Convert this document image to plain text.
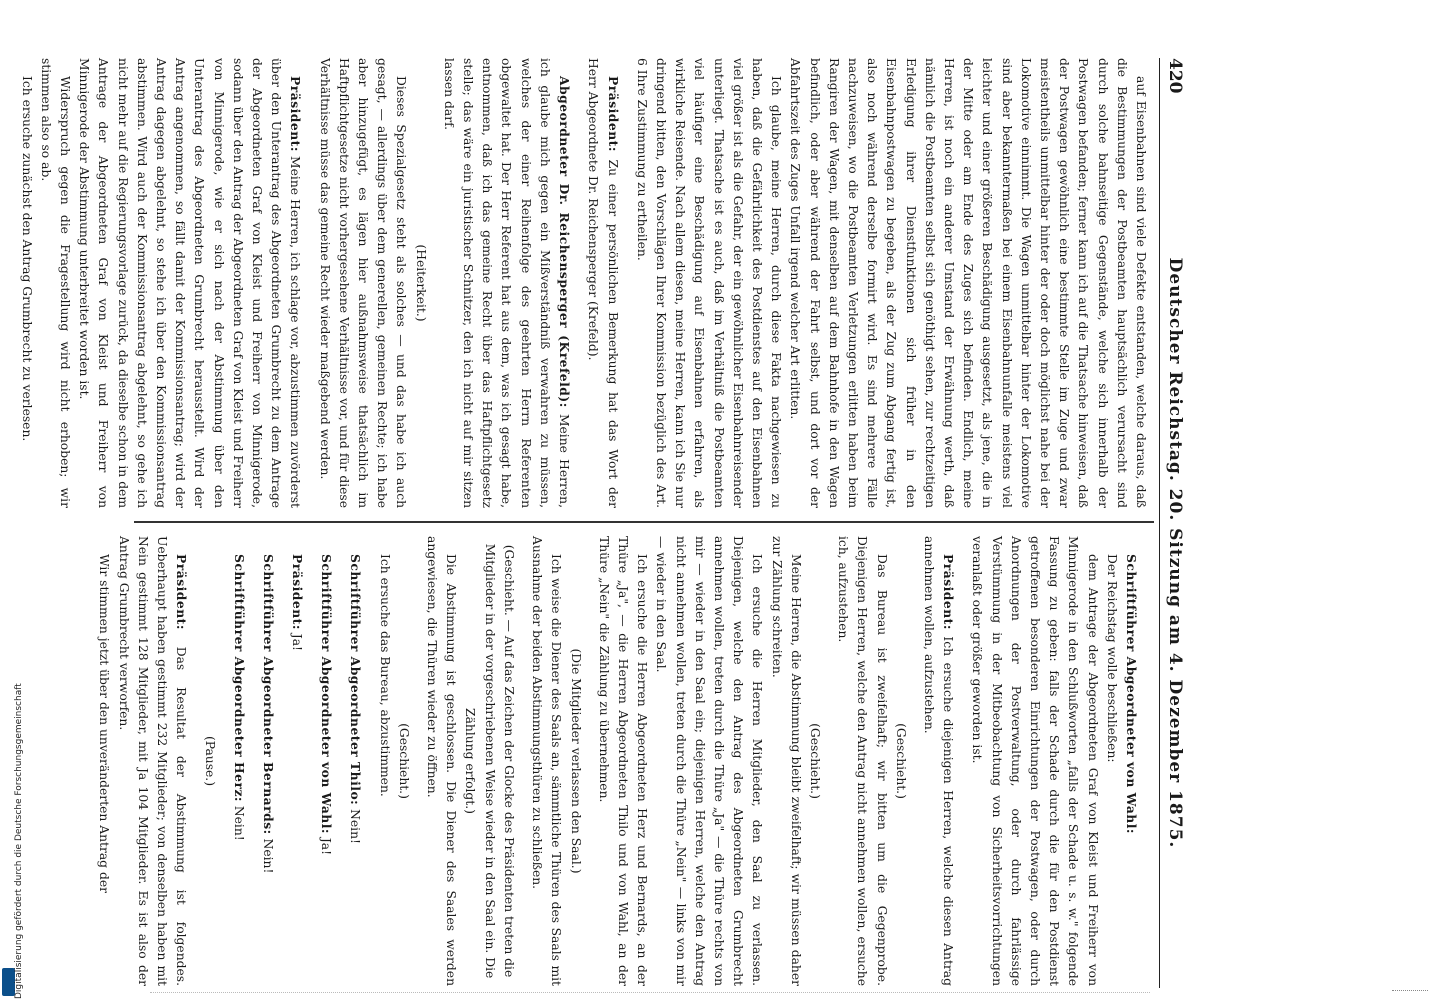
420
Deutscher Reichstag. 20. Sitzung am 4. Dezember 1875.

auf Eisenbahnen sind viele Defekte entstanden, welche daraus, daß die Bestimmungen der Postbeamten hauptsächlich verursacht sind durch solche bahnseitige Gegenstände, welche sich innerhalb der Postwagen befanden; ferner kann ich auf die Thatsache hinweisen, daß der Postwagen gewöhnlich eine bestimmte Stelle im Zuge und zwar meistentheils unmittelbar hinter der oder doch möglichst nahe bei der Lokomotive einnimmt. Die Wagen unmittelbar hinter der Lokomotive sind aber bekanntermaßen bei einem Eisenbahnunfalle meistens viel leichter und einer größeren Beschädigung ausgesetzt, als jene, die in der Mitte oder am Ende des Zuges sich befinden. Endlich, meine Herren, ist noch ein anderer Umstand der Erwähnung werth, daß nämlich die Postbeamten selbst sich genöthigt sehen, zur rechtzeitigen Erledigung ihrer Dienstfunktionen sich früher in den Eisenbahnpostwagen zu begeben, als der Zug zum Abgang fertig ist, also noch während derselbe formirt wird. Es sind mehrere Fälle nachzuweisen, wo die Postbeamten Verletzungen erlitten haben beim Rangiren der Wagen, mit denselben auf dem Bahnhofe in den Wagen befindlich, oder aber während der Fahrt selbst, und dort vor der Abfahrtszeit des Zuges Unfall irgend welcher Art erlitten.

Ich glaube, meine Herren, durch diese Fakta nachgewiesen zu haben, daß die Gefährlichkeit des Postdienstes auf den Eisenbahnen viel größer ist als die Gefahr, der ein gewöhnlicher Eisenbahnreisender unterliegt. Thatsache ist es auch, daß im Verhältniß die Postbeamten viel häufiger eine Beschädigung auf Eisenbahnen erfahren, als wirkliche Reisende. Nach allem diesen, meine Herren, kann ich Sie nur dringend bitten, den Vorschlägen Ihrer Kommission bezüglich des Art. 6 Ihre Zustimmung zu ertheilen.

Präsident: Zu einer persönlichen Bemerkung hat das Wort der Herr Abgeordnete Dr. Reichensperger (Krefeld).

Abgeordneter Dr. Reichensperger (Krefeld): Meine Herren, ich glaube mich gegen ein Mißverständniß verwahren zu müssen, welches der einer Reihenfolge des geehrten Herrn Referenten obgewaltet hat. Der Herr Referent hat aus dem, was ich gesagt habe, entnommen, daß ich das gemeine Recht über das Haftpflichtgesetz stelle; das wäre ein juristischer Schnitzer, den ich nicht auf mir sitzen lassen darf.

(Heiterkeit.)

Dieses Spezialgesetz steht als solches — und das habe ich auch gesagt, — allerdings über dem generellen, gemeinen Rechte; ich habe aber hinzugefügt, es lägen hier außnahmsweise thatsächlich im Haftpflichtgesetze nicht vorhergesehene Verhältnisse vor, und für diese Verhältnisse müsse das gemeine Recht wieder maßgebend werden.

Präsident: Meine Herren, ich schlage vor, abzustimmen zuvörderst über den Unterantrag des Abgeordneten Grumbrecht zu dem Antrage der Abgeordneten Graf von Kleist und Freiherr von Minnigerode, sodann über den Antrag der Abgeordneten Graf von Kleist und Freiherr von Minnigerode, wie er sich nach der Abstimmung über den Unterantrag des Abgeordneten Grumbrecht herausstellt. Wird der Antrag angenommen, so fällt damit der Kommissionsantrag; wird der Antrag dagegen abgelehnt, so stehe ich über den Kommissionsantrag abstimmen. Wird auch der Kommissionsantrag abgelehnt, so gehe ich nicht mehr auf die Regierungsvorlage zurück, da dieselbe schon in dem Antrage der Abgeordneten Graf von Kleist und Freiherr von Minnigerode der Abstimmung unterbreitet worden ist.

Widerspruch gegen die Fragestellung wird nicht erhoben; wir stimmen also so ab.

Ich ersuche zunächst den Antrag Grumbrecht zu verlesen.

Schriftführer Abgeordneter von Wahl:

Der Reichstag wolle beschließen:

dem Antrage der Abgeordneten Graf von Kleist und Freiherr von Minnigerode in den Schlußworten „falls der Schade u. s. w." folgende Fassung zu geben: falls der Schade durch die für den Postdienst getroffenen besonderen Einrichtungen der Postwagen, oder durch Anordnungen der Postverwaltung, oder durch fahrlässige Verstümmung in der Mitbeobachtung von Sicherheitsvorrichtungen veranlaßt oder größer geworden ist.

Präsident: Ich ersuche diejenigen Herren, welche diesen Antrag annehmen wollen, aufzustehen.

(Geschieht.)

Das Bureau ist zweifelhaft; wir bitten um die Gegenprobe. Diejenigen Herren, welche den Antrag nicht annehmen wollen, ersuche ich, aufzustehen.

(Geschieht.)

Meine Herren, die Abstimmung bleibt zweifelhaft; wir müssen daher zur Zählung schreiten.

Ich ersuche die Herren Mitglieder, den Saal zu verlassen. Diejenigen, welche den Antrag des Abgeordneten Grumbrecht annehmen wollen, treten durch die Thüre „Ja" — die Thüre rechts von mir — wieder in den Saal ein; diejenigen Herren, welche den Antrag nicht annehmen wollen, treten durch die Thüre „Nein" — links von mir — wieder in den Saal.

Ich ersuche die Herren Abgeordneten Herz und Bernards, an der Thüre „Ja", — die Herren Abgeordneten Thilo und von Wahl, an der Thüre „Nein" die Zählung zu übernehmen.

(Die Mitglieder verlassen den Saal.)

Ich weise die Diener des Saals an, sämmtliche Thüren des Saals mit Ausnahme der beiden Abstimmungsthüren zu schließen.

(Geschieht. — Auf das Zeichen der Glocke des Präsidenten treten die Mitglieder in der vorgeschriebenen Weise wieder in den Saal ein. Die Zählung erfolgt.)

Die Abstimmung ist geschlossen. Die Diener des Saales werden angewiesen, die Thüren wieder zu öffnen.

(Geschieht.)

Ich ersuche das Bureau, abzustimmen.

Schriftführer Abgeordneter Thilo: Nein!

Schriftführer Abgeordneter von Wahl: Ja!

Präsident: Ja!

Schriftführer Abgeordneter Bernards: Nein!

Schriftführer Abgeordneter Herz: Nein!

(Pause.)

Präsident: Das Resultat der Abstimmung ist folgendes. Ueberhaupt haben gestimmt 232 Mitglieder; von denselben haben mit Nein gestimmt 128 Mitglieder, mit Ja 104 Mitglieder. Es ist also der Antrag Grumbrecht verworfen.

Wir stimmen jetzt über den unveränderten Antrag der

Digitalisierung gefördert durch die Deutsche Forschungsgemeinschaft
